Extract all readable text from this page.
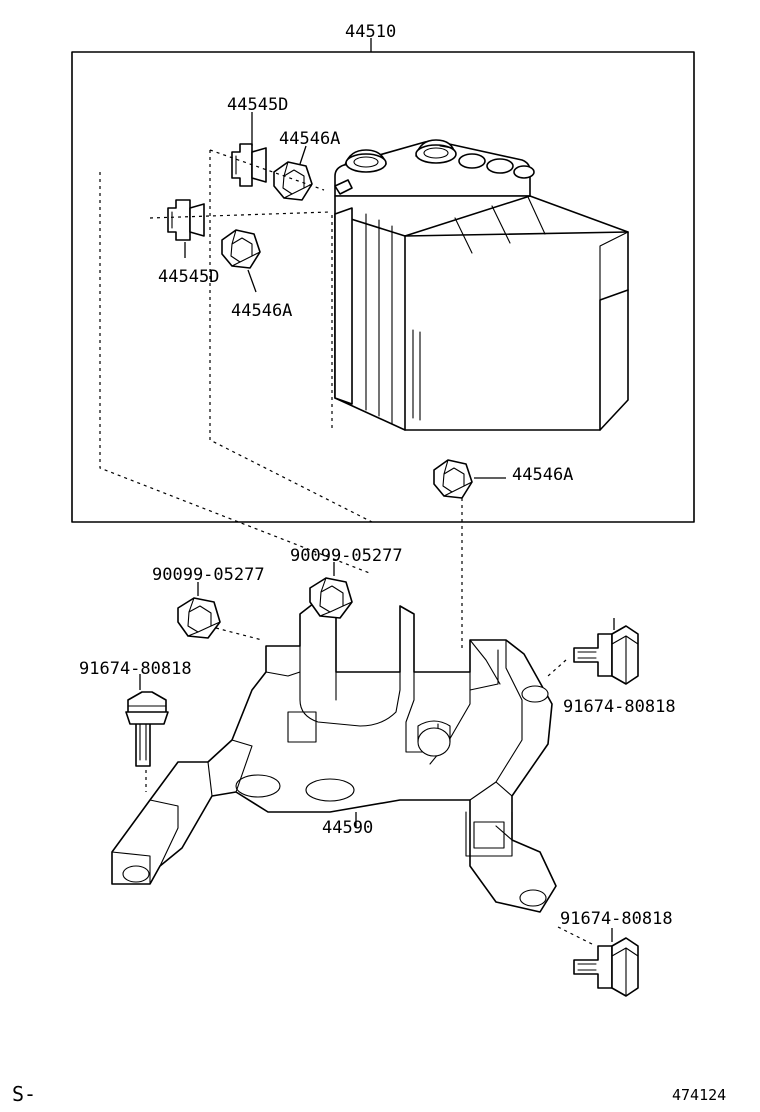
44510
44545D
44546A
44545D
44546A
44546A
90099-05277
90099-05277
91674-80818
91674-80818
44590
91674-80818
S-	474124
